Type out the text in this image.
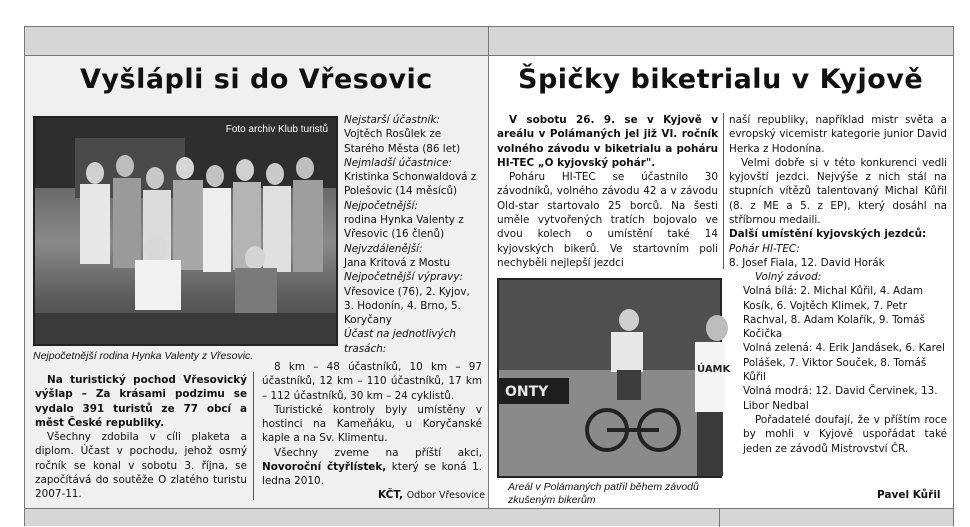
Vyšlápli si do Vřesovic
Foto archiv Klub turistů
Nejpočetnější rodina Hynka Valenty z Vřesovic.

Nejstarší účastník:
Vojtěch Rosůlek ze Starého Města (86 let)

Nejmladší účastnice:
Kristinka Schonwaldová z Polešovic (14 měsíců)

Nejpočetnější:
rodina Hynka Valenty z Vřesovic (16 členů)

Nejvzdálenější:
Jana Kritová z Mostu

Nejpočetnější výpravy:
Vřesovice (76), 2. Kyjov, 3. Hodonín, 4. Brno, 5. Koryčany

Účast na jednotlivých trasách:

Na turistický pochod Vřesovický výšlap – Za krásami podzimu se vydalo 391 turistů ze 77 obcí a měst České republiky.

Všechny zdobila v cíli plaketa a diplom. Účast v pochodu, jehož osmý ročník se konal v sobotu 3. října, se započítává do soutěže O zlatého turistu 2007-11.

8 km – 48 účastníků, 10 km – 97 účastníků, 12 km – 110 účastníků, 17 km – 112 účastníků, 30 km – 24 cyklistů.

Turistické kontroly byly umístěny v hostinci na Kameňáku, u Koryčanské kaple a na Sv. Klimentu.

Všechny zveme na příští akci, Novoroční čtyřlístek, který se koná 1. ledna 2010.

KČT, Odbor Vřesovice
Špičky biketrialu v Kyjově

V sobotu 26. 9. se v Kyjově v areálu v Polámaných jel již VI. ročník volného závodu v biketrialu a poháru HI-TEC „O kyjovský pohár".

Poháru HI-TEC se účastnilo 30 závodníků, volného závodu 42 a v závodu Old-star startovalo 25 borců. Na šesti uměle vytvořených tratích bojovalo ve dvou kolech o umístění také 14 kyjovských bikerů. Ve startovním poli nechyběli nejlepší jezdci

naší republiky, například mistr světa a evropský vicemistr kategorie junior David Herka z Hodonína.

Velmi dobře si v této konkurenci vedli kyjovští jezdci. Nejvýše z nich stál na stupních vítězů talentovaný Michal Kůřil (8. z ME a 5. z EP), který dosáhl na stříbrnou medaili.

Další umístění kyjovských jezdců:

Pohár HI-TEC:

8. Josef Fiala, 12. David Horák

Volný závod:

Volná bílá: 2. Michal Kůřil, 4. Adam Kosík, 6. Vojtěch Klimek, 7. Petr Rachval, 8. Adam Kolařík, 9. Tomáš Kočička

Volná zelená: 4. Erik Jandásek, 6. Karel Polášek, 7. Viktor Souček, 8. Tomáš Kůřil

Volná modrá: 12. David Červinek, 13. Libor Nedbal

Pořadatelé doufají, že v příštím roce by mohli v Kyjově uspořádat také jeden ze závodů Mistrovství ČR.

Pavel Kůřil
ONTY
ÚAMK
Areál v Polámaných patřil během závodů zkušeným bikerům
